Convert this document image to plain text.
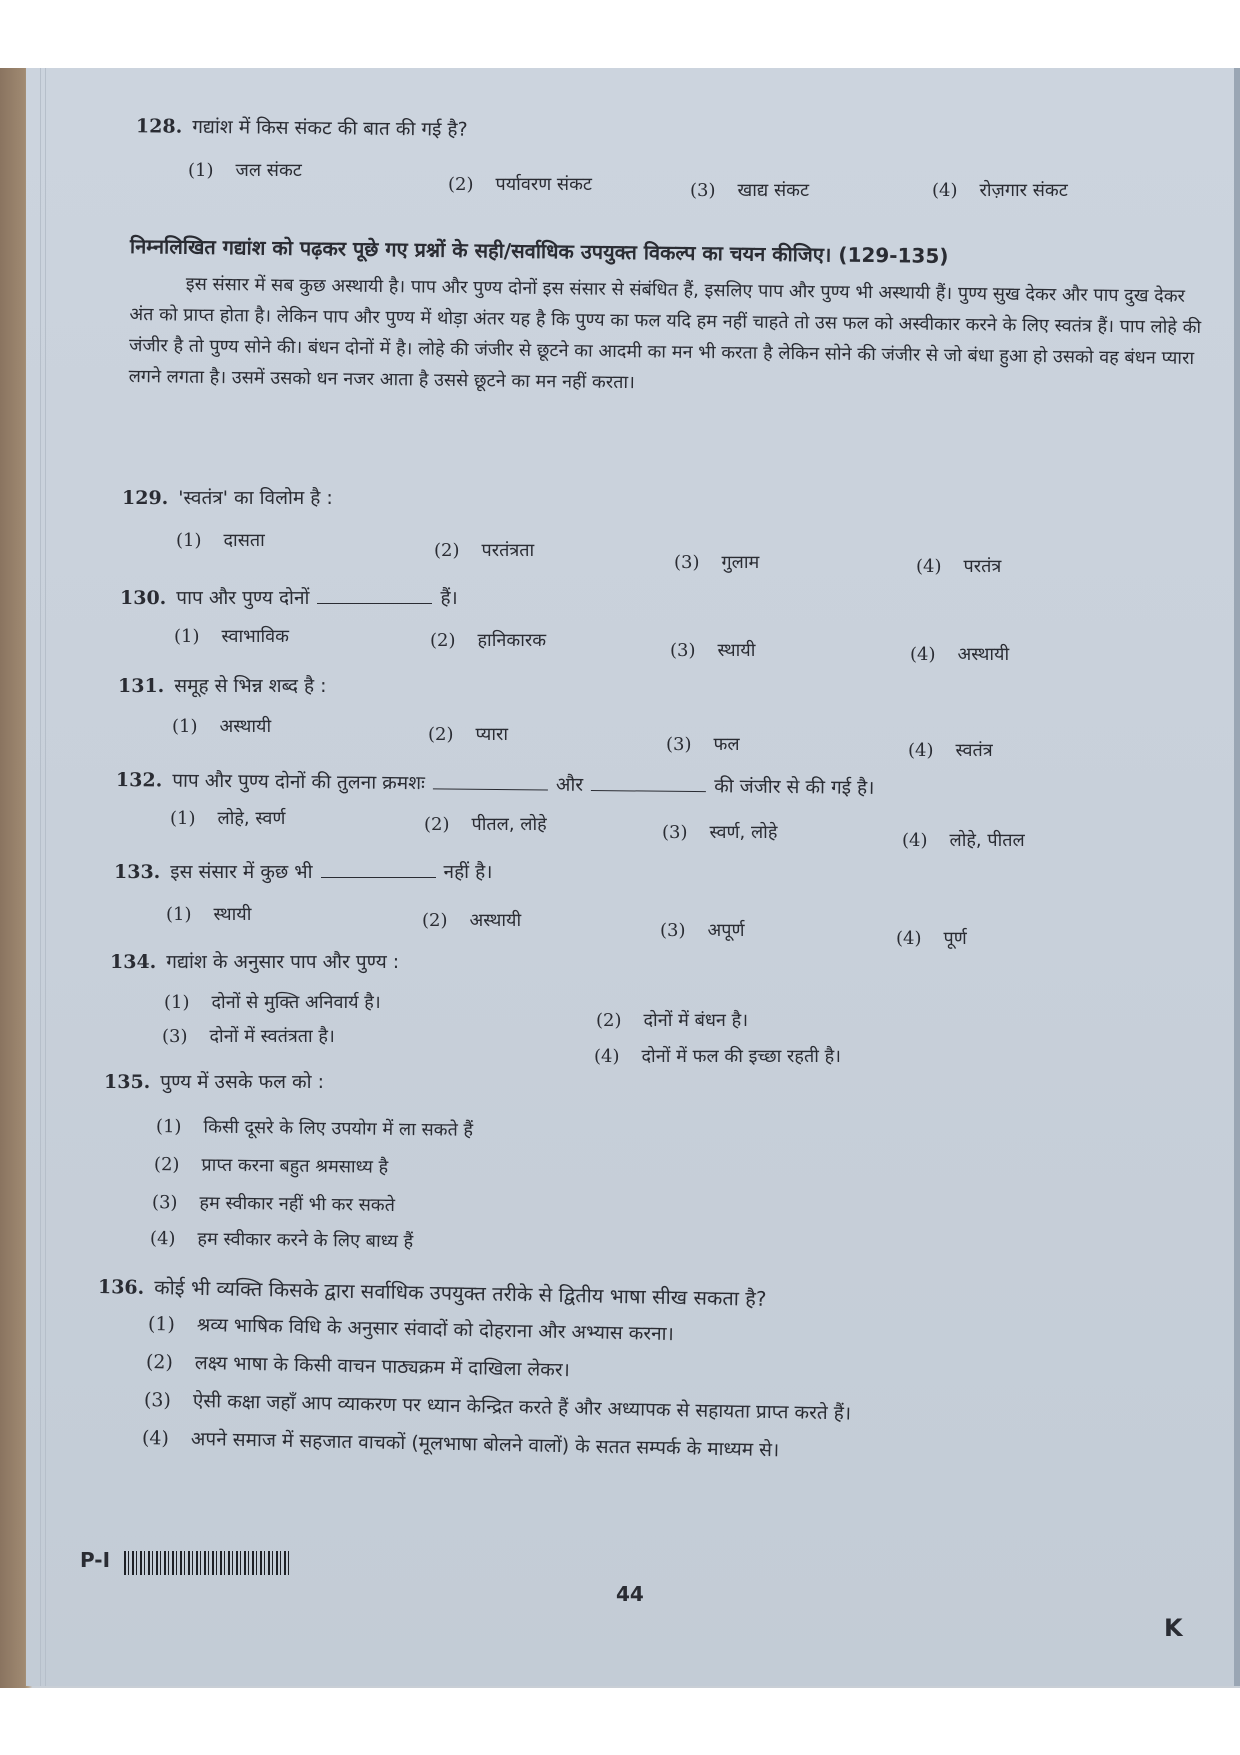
128. गद्यांश में किस संकट की बात की गई है?
(1) जल संकट
(2) पर्यावरण संकट	(3) खाद्य संकट	(4) रोज़गार संकट
निम्नलिखित गद्यांश को पढ़कर पूछे गए प्रश्नों के सही/सर्वाधिक उपयुक्त विकल्प का चयन कीजिए। (129-135)
इस संसार में सब कुछ अस्थायी है। पाप और पुण्य दोनों इस संसार से संबंधित हैं, इसलिए पाप और पुण्य भी अस्थायी हैं। पुण्य सुख देकर और पाप दुख देकर अंत को प्राप्त होता है। लेकिन पाप और पुण्य में थोड़ा अंतर यह है कि पुण्य का फल यदि हम नहीं चाहते तो उस फल को अस्वीकार करने के लिए स्वतंत्र हैं। पाप लोहे की जंजीर है तो पुण्य सोने की। बंधन दोनों में है। लोहे की जंजीर से छूटने का आदमी का मन भी करता है लेकिन सोने की जंजीर से जो बंधा हुआ हो उसको वह बंधन प्यारा लगने लगता है। उसमें उसको धन नजर आता है उससे छूटने का मन नहीं करता।
129. 'स्वतंत्र' का विलोम है :
(1) दासता	(2) परतंत्रता
(3) गुलाम	(4) परतंत्र
130. पाप और पुण्य दोनों	हैं।
(1) स्वाभाविक	(2) हानिकारक	(3) स्थायी	(4) अस्थायी
131. समूह से भिन्न शब्द है :
(1) अस्थायी	(2) प्यारा	(3) फल	(4) स्वतंत्र
132. पाप और पुण्य दोनों की तुलना क्रमशः	और	की जंजीर से की गई है।
(1) लोहे, स्वर्ण	(2) पीतल, लोहे	(3) स्वर्ण, लोहे	(4) लोहे, पीतल
133. इस संसार में कुछ भी	नहीं है।
(1) स्थायी	(2) अस्थायी	(3) अपूर्ण	(4) पूर्ण
134. गद्यांश के अनुसार पाप और पुण्य :
(1) दोनों से मुक्ति अनिवार्य है।
(2) दोनों में बंधन है।
(3) दोनों में स्वतंत्रता है।
(4) दोनों में फल की इच्छा रहती है।
135. पुण्य में उसके फल को :
(1) किसी दूसरे के लिए उपयोग में ला सकते हैं
(2) प्राप्त करना बहुत श्रमसाध्य है
(3) हम स्वीकार नहीं भी कर सकते
(4) हम स्वीकार करने के लिए बाध्य हैं
136. कोई भी व्यक्ति किसके द्वारा सर्वाधिक उपयुक्त तरीके से द्वितीय भाषा सीख सकता है?
(1) श्रव्य भाषिक विधि के अनुसार संवादों को दोहराना और अभ्यास करना।
(2) लक्ष्य भाषा के किसी वाचन पाठ्यक्रम में दाखिला लेकर।
(3) ऐसी कक्षा जहाँ आप व्याकरण पर ध्यान केन्द्रित करते हैं और अध्यापक से सहायता प्राप्त करते हैं।
(4) अपने समाज में सहजात वाचकों (मूलभाषा बोलने वालों) के सतत सम्पर्क के माध्यम से।
P-I
44
K
